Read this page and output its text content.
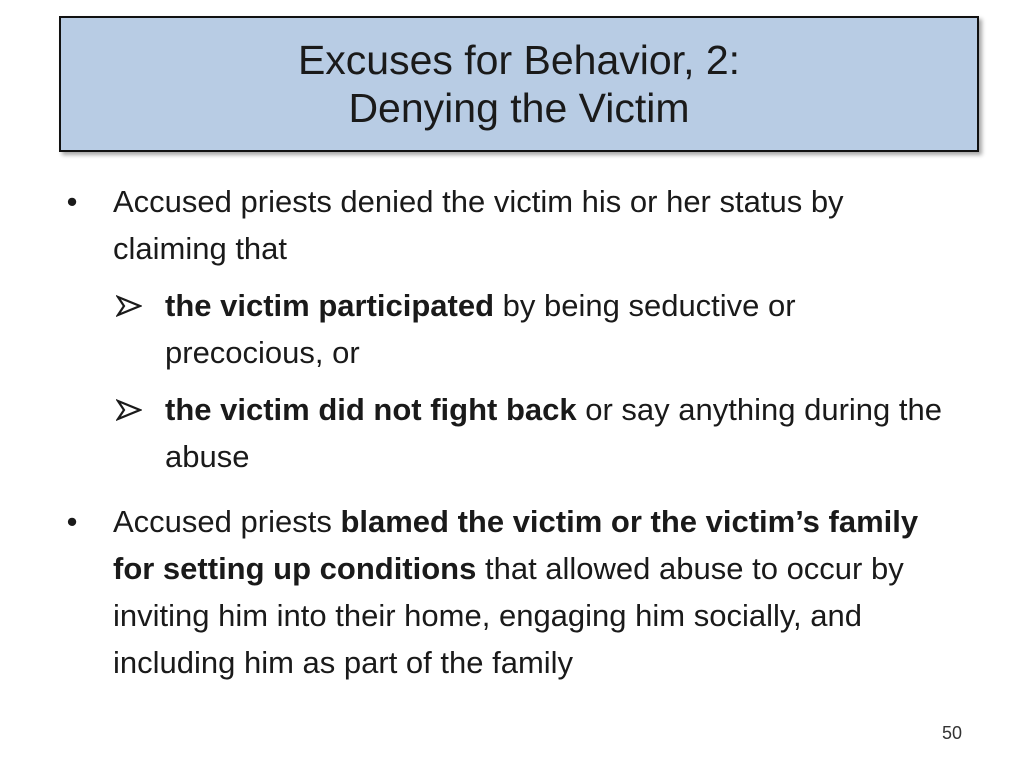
Excuses for Behavior, 2:
Denying the Victim
• Accused priests denied the victim his or her status by claiming that
the victim participated by being seductive or precocious, or
the victim did not fight back or say anything during the abuse
• Accused priests blamed the victim or the victim’s family for setting up conditions that allowed abuse to occur by inviting him into their home, engaging him socially, and including him as part of the family
50
